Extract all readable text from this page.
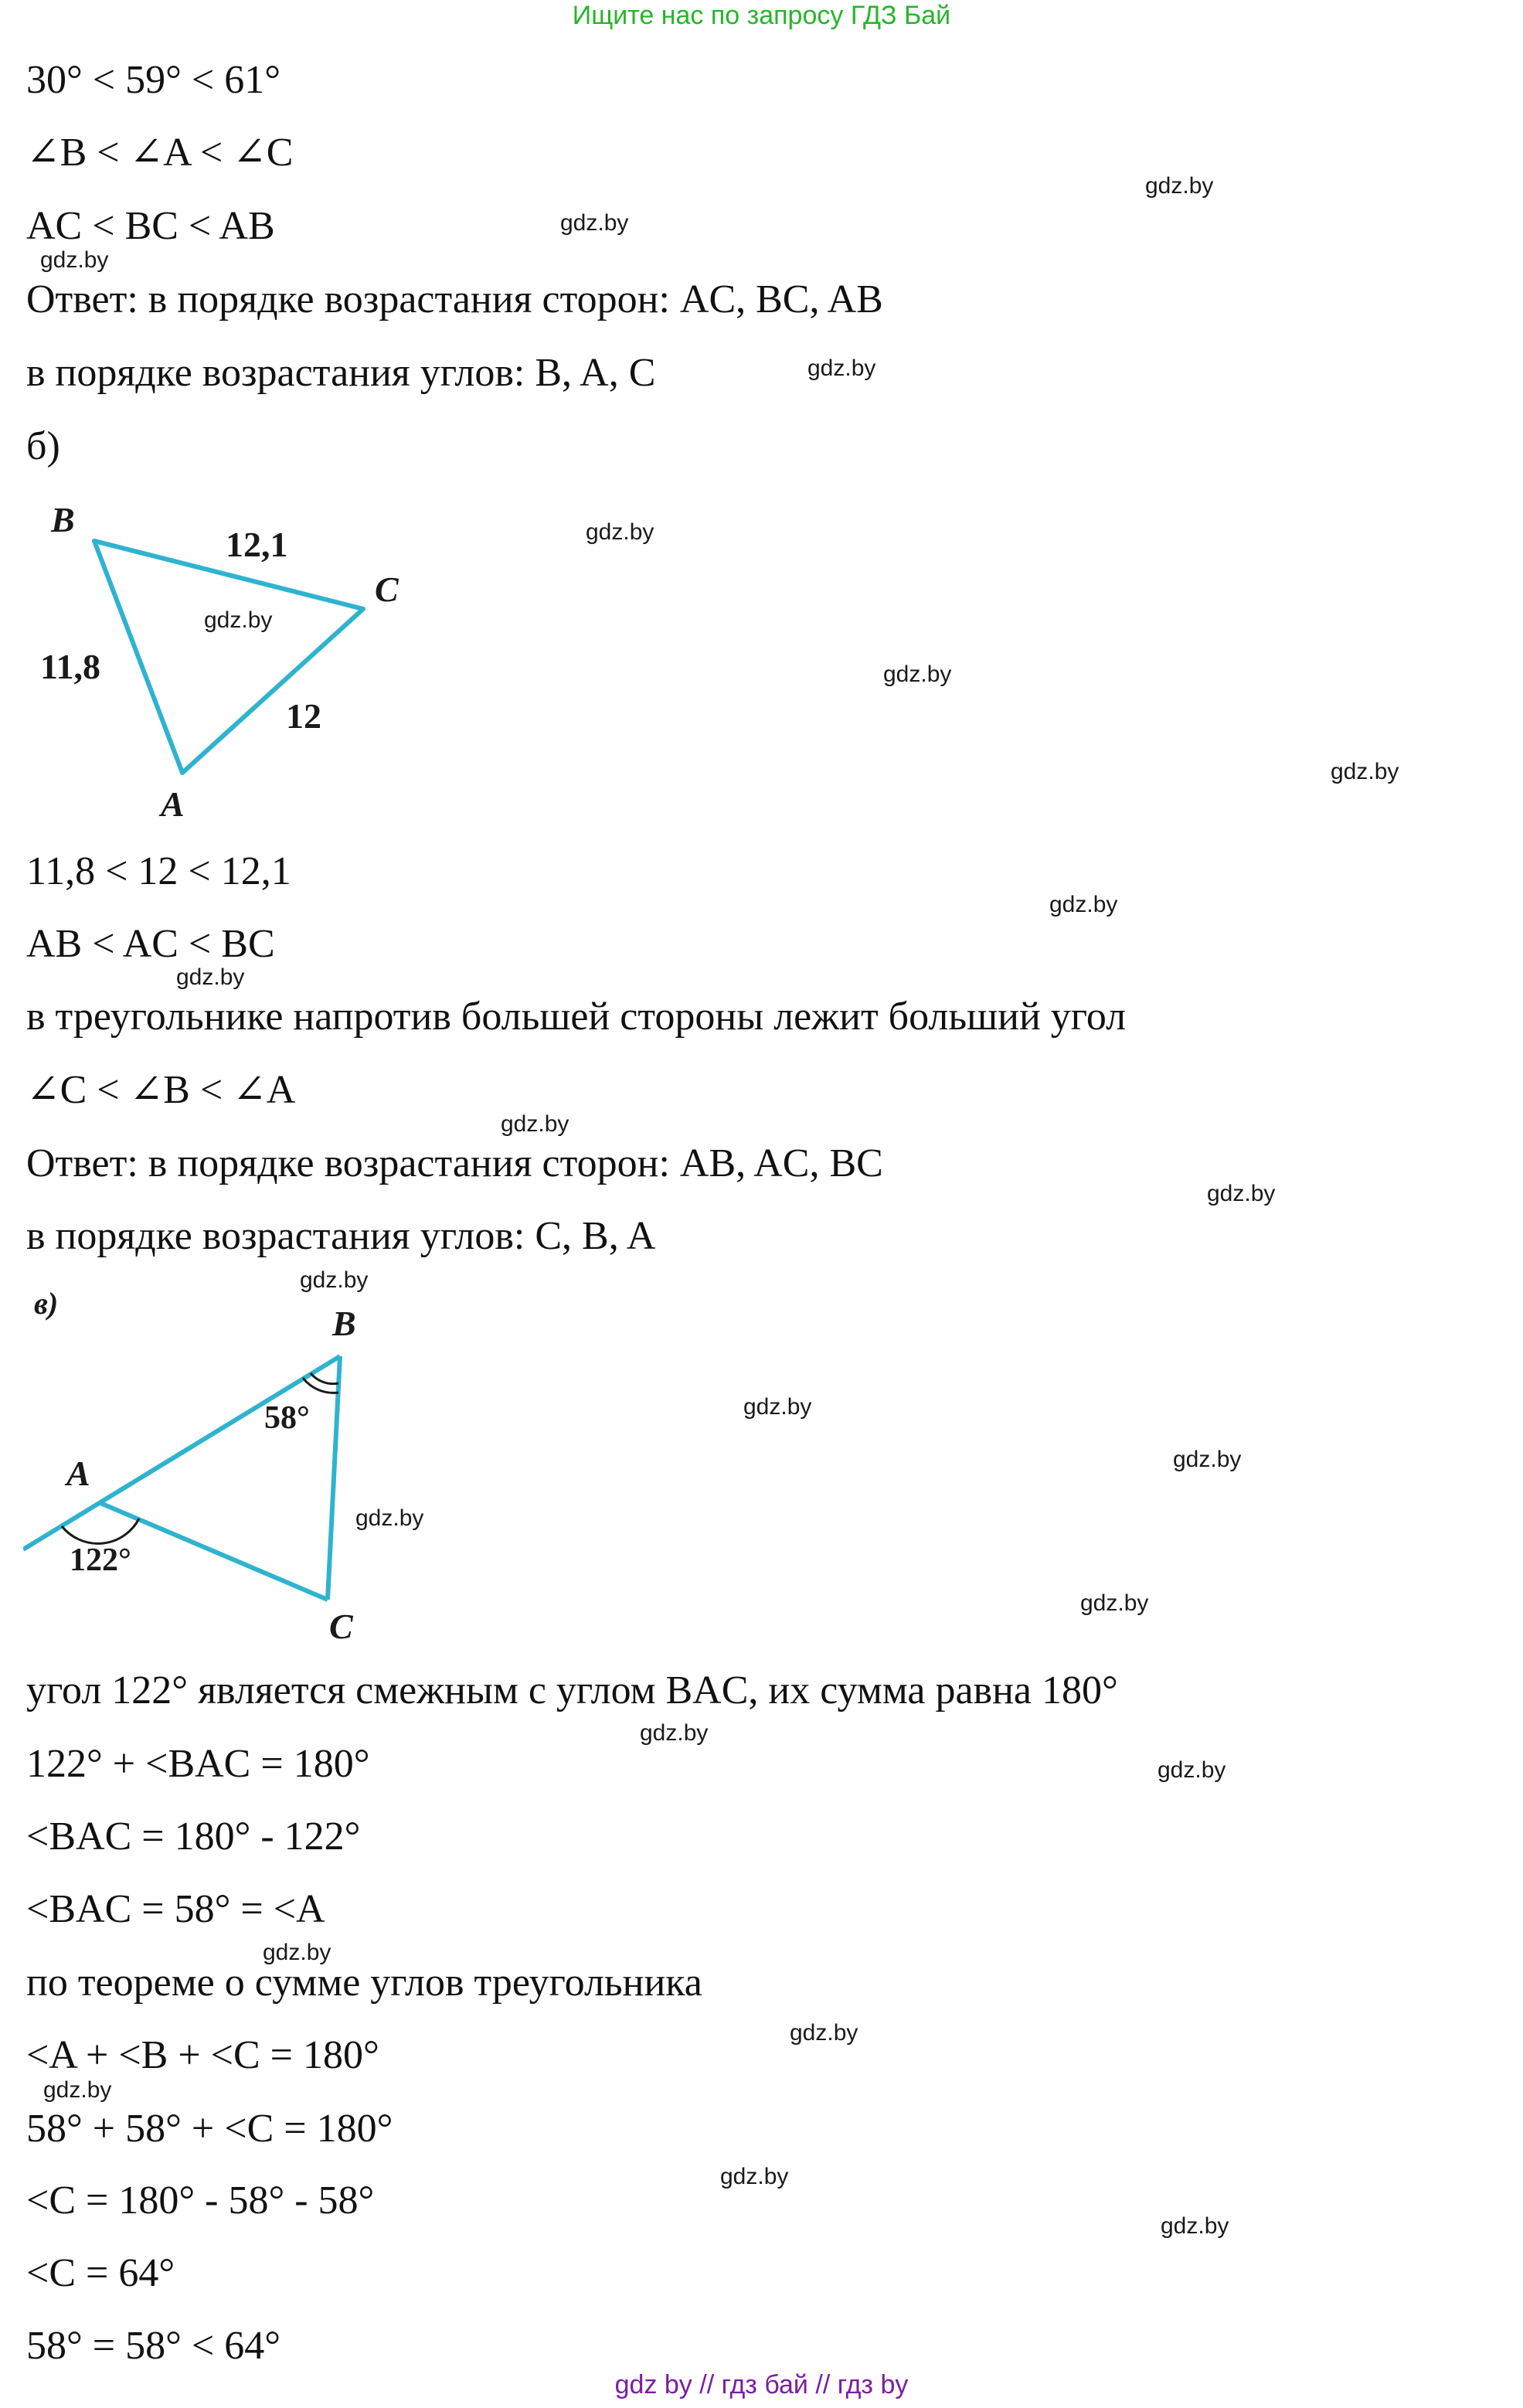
Ищите нас по запросу ГДЗ Бай
30° < 59° < 61°
∠B < ∠A < ∠C
AC < BC < AB
Ответ: в порядке возрастания сторон: AC, BC, AB
в порядке возрастания углов: B, A, C
б)
11,8 < 12 < 12,1
AB < AC < BC
в треугольнике напротив большей стороны лежит больший угол
∠C < ∠B < ∠A
Ответ: в порядке возрастания сторон: AB, AC, BC
в порядке возрастания углов: C, B, A
угол 122° является смежным с углом BAC, их сумма равна 180°
122° + <BAC = 180°
<BAC = 180° - 122°
<BAC = 58° = <A
по теореме о сумме углов треугольника
<A + <B + <C = 180°
58° + 58° + <C = 180°
<C = 180° - 58° - 58°
<C = 64°
58° = 58° < 64°
B
C
A
12,1
11,8
12
в)
B
A
C
58°
122°
gdz.by
gdz.by
gdz.by
gdz.by
gdz.by
gdz.by
gdz.by
gdz.by
gdz.by
gdz.by
gdz.by
gdz.by
gdz.by
gdz.by
gdz.by
gdz.by
gdz.by
gdz.by
gdz.by
gdz.by
gdz.by
gdz.by
gdz.by
gdz.by
gdz by // гдз бай // гдз by
